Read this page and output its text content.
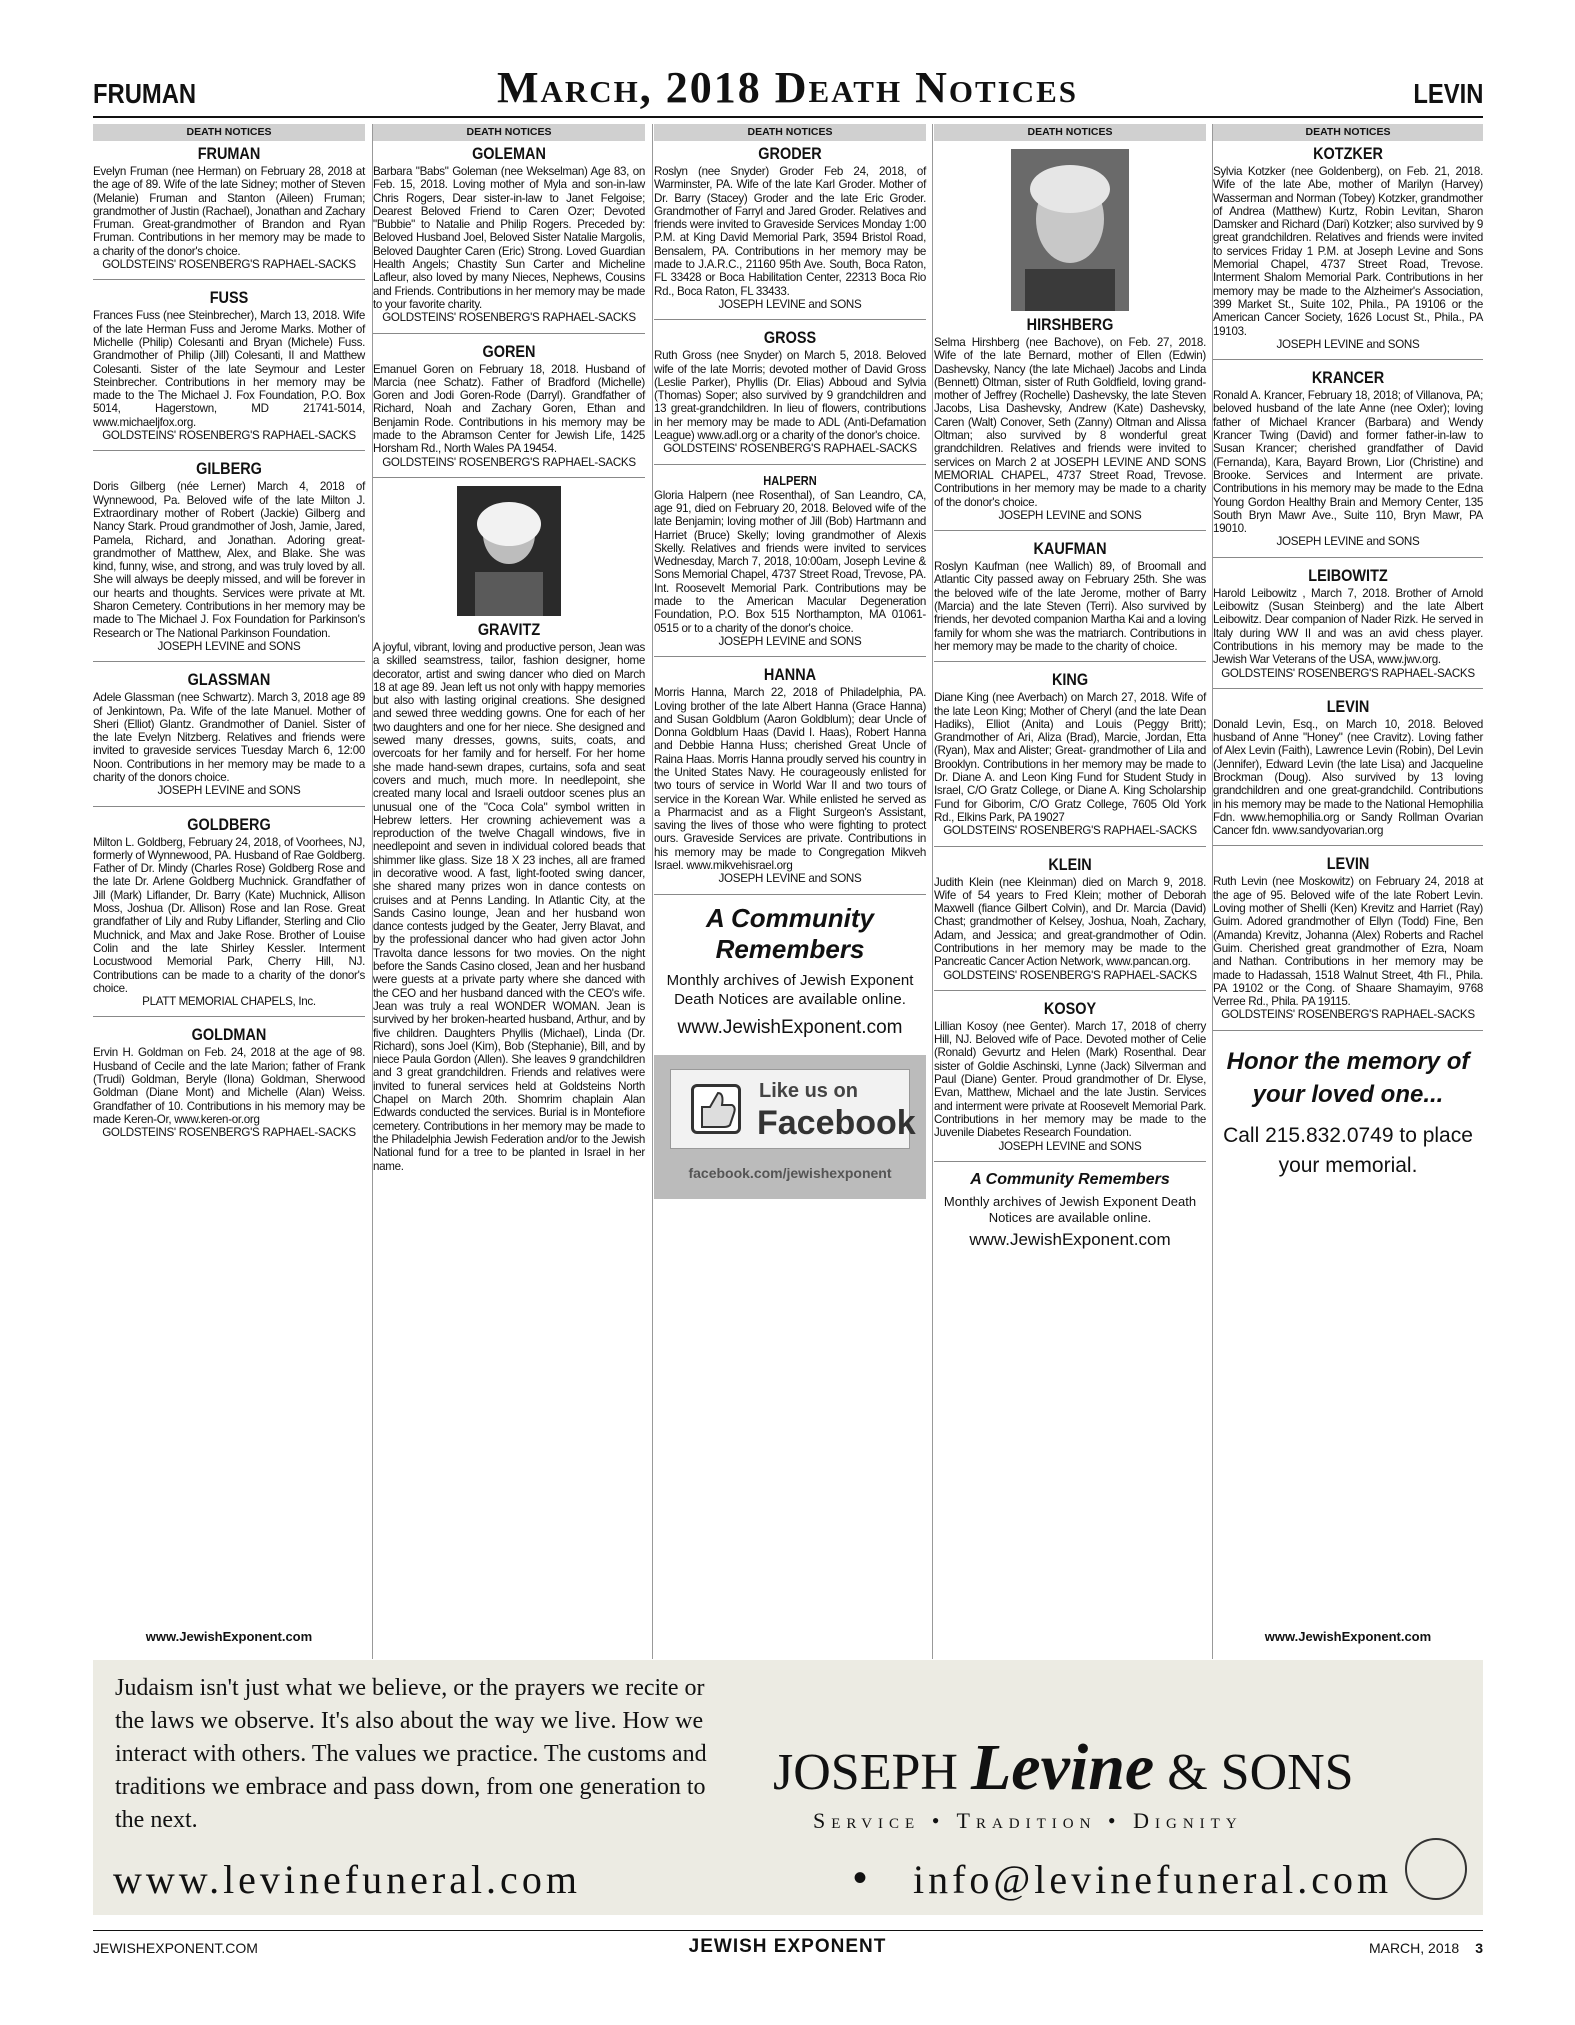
FRUMAN	March, 2018 Death Notices	LEVIN
DEATH NOTICES
FRUMAN
Evelyn Fruman (nee Herman) on February 28, 2018 at the age of 89. Wife of the late Sidney; mother of Steven (Melanie) Fruman and Stanton (Aileen) Fruman; grandmother of Justin (Rachael), Jonathan and Zachary Fruman. Great-grandmother of Brandon and Ryan Fruman. Contributions in her memory may be made to a charity of the donor's choice.
GOLDSTEINS' ROSENBERG'S RAPHAEL-SACKS
FUSS
Frances Fuss (nee Steinbrecher), March 13, 2018. Wife of the late Herman Fuss and Jerome Marks. Mother of Michelle (Philip) Colesanti and Bryan (Michele) Fuss. Grandmother of Philip (Jill) Colesanti, II and Matthew Colesanti. Sister of the late Seymour and Lester Steinbrecher. Contributions in her memory may be made to the The Michael J. Fox Foundation, P.O. Box 5014, Hagerstown, MD 21741-5014, www.michaeljfox.org.
GOLDSTEINS' ROSENBERG'S RAPHAEL-SACKS
GILBERG
Doris Gilberg (née Lerner) March 4, 2018 of Wynnewood, Pa. Beloved wife of the late Milton J. Extraordinary mother of Robert (Jackie) Gilberg and Nancy Stark. Proud grandmother of Josh, Jamie, Jared, Pamela, Richard, and Jonathan. Adoring great-grandmother of Matthew, Alex, and Blake. She was kind, funny, wise, and strong, and was truly loved by all. She will always be deeply missed, and will be forever in our hearts and thoughts. Services were private at Mt. Sharon Cemetery. Contributions in her memory may be made to The Michael J. Fox Foundation for Parkinson's Research or The National Parkinson Foundation.
JOSEPH LEVINE and SONS
GLASSMAN
Adele Glassman (nee Schwartz). March 3, 2018 age 89 of Jenkintown, Pa. Wife of the late Manuel. Mother of Sheri (Elliot) Glantz. Grandmother of Daniel. Sister of the late Evelyn Nitzberg. Relatives and friends were invited to graveside services Tuesday March 6, 12:00 Noon. Contributions in her memory may be made to a charity of the donors choice.
JOSEPH LEVINE and SONS
GOLDBERG
Milton L. Goldberg, February 24, 2018, of Voorhees, NJ, formerly of Wynnewood, PA. Husband of Rae Goldberg. Father of Dr. Mindy (Charles Rose) Goldberg Rose and the late Dr. Arlene Goldberg Muchnick. Grandfather of Jill (Mark) Liflander, Dr. Barry (Kate) Muchnick, Allison Moss, Joshua (Dr. Allison) Rose and Ian Rose. Great grandfather of Lily and Ruby Liflander, Sterling and Clio Muchnick, and Max and Jake Rose. Brother of Louise Colin and the late Shirley Kessler. Interment Locustwood Memorial Park, Cherry Hill, NJ. Contributions can be made to a charity of the donor's choice.
PLATT MEMORIAL CHAPELS, Inc.
GOLDMAN
Ervin H. Goldman on Feb. 24, 2018 at the age of 98. Husband of Cecile and the late Marion; father of Frank (Trudi) Goldman, Beryle (Ilona) Goldman, Sherwood Goldman (Diane Mont) and Michelle (Alan) Weiss. Grandfather of 10. Contributions in his memory may be made Keren-Or, www.keren-or.org
GOLDSTEINS' ROSENBERG'S RAPHAEL-SACKS
www.JewishExponent.com
DEATH NOTICES
GOLEMAN
Barbara "Babs" Goleman (nee Wekselman) Age 83, on Feb. 15, 2018. Loving mother of Myla and son-in-law Chris Rogers, Dear sister-in-law to Janet Felgoise; Dearest Beloved Friend to Caren Ozer; Devoted "Bubbie" to Natalie and Philip Rogers. Preceded by: Beloved Husband Joel, Beloved Sister Natalie Margolis, Beloved Daughter Caren (Eric) Strong. Loved Guardian Health Angels; Chastity Sun Carter and Micheline Lafleur, also loved by many Nieces, Nephews, Cousins and Friends. Contributions in her memory may be made to your favorite charity.
GOLDSTEINS' ROSENBERG'S RAPHAEL-SACKS
GOREN
Emanuel Goren on February 18, 2018. Husband of Marcia (nee Schatz). Father of Bradford (Michelle) Goren and Jodi Goren-Rode (Darryl). Grandfather of Richard, Noah and Zachary Goren, Ethan and Benjamin Rode. Contributions in his memory may be made to the Abramson Center for Jewish Life, 1425 Horsham Rd., North Wales PA 19454.
GOLDSTEINS' ROSENBERG'S RAPHAEL-SACKS
GRAVITZ
A joyful, vibrant, loving and productive person, Jean was a skilled seamstress, tailor, fashion designer, home decorator, artist and swing dancer who died on March 18 at age 89. Jean left us not only with happy memories but also with lasting original creations. She designed and sewed three wedding gowns. One for each of her two daughters and one for her niece. She designed and sewed many dresses, gowns, suits, coats, and overcoats for her family and for herself. For her home she made hand-sewn drapes, curtains, sofa and seat covers and much, much more. In needlepoint, she created many local and Israeli outdoor scenes plus an unusual one of the "Coca Cola" symbol written in Hebrew letters. Her crowning achievement was a reproduction of the twelve Chagall windows, five in needlepoint and seven in individual colored beads that shimmer like glass. Size 18 X 23 inches, all are framed in decorative wood. A fast, light-footed swing dancer, she shared many prizes won in dance contests on cruises and at Penns Landing. In Atlantic City, at the Sands Casino lounge, Jean and her husband won dance contests judged by the Geater, Jerry Blavat, and by the professional dancer who had given actor John Travolta dance lessons for two movies. On the night before the Sands Casino closed, Jean and her husband were guests at a private party where she danced with the CEO and her husband danced with the CEO's wife. Jean was truly a real WONDER WOMAN. Jean is survived by her broken-hearted husband, Arthur, and by five children. Daughters Phyllis (Michael), Linda (Dr. Richard), sons Joel (Kim), Bob (Stephanie), Bill, and by niece Paula Gordon (Allen). She leaves 9 grandchildren and 3 great grandchildren. Friends and relatives were invited to funeral services held at Goldsteins North Chapel on March 20th. Shomrim chaplain Alan Edwards conducted the services. Burial is in Montefiore cemetery. Contributions in her memory may be made to the Philadelphia Jewish Federation and/or to the Jewish National fund for a tree to be planted in Israel in her name.
DEATH NOTICES
GRODER
Roslyn (nee Snyder) Groder Feb 24, 2018, of Warminster, PA. Wife of the late Karl Groder. Mother of Dr. Barry (Stacey) Groder and the late Eric Groder. Grandmother of Farryl and Jared Groder. Relatives and friends were invited to Graveside Services Monday 1:00 P.M. at King David Memorial Park, 3594 Bristol Road, Bensalem, PA. Contributions in her memory may be made to J.A.R.C., 21160 95th Ave. South, Boca Raton, FL 33428 or Boca Habilitation Center, 22313 Boca Rio Rd., Boca Raton, FL 33433.
JOSEPH LEVINE and SONS
GROSS
Ruth Gross (nee Snyder) on March 5, 2018. Beloved wife of the late Morris; devoted mother of David Gross (Leslie Parker), Phyllis (Dr. Elias) Abboud and Sylvia (Thomas) Soper; also survived by 9 grandchildren and 13 great-grandchildren. In lieu of flowers, contributions in her memory may be made to ADL (Anti-Defamation League) www.adl.org or a charity of the donor's choice.
GOLDSTEINS' ROSENBERG'S RAPHAEL-SACKS
HALPERN
Gloria Halpern (nee Rosenthal), of San Leandro, CA, age 91, died on February 20, 2018. Beloved wife of the late Benjamin; loving mother of Jill (Bob) Hartmann and Harriet (Bruce) Skelly; loving grandmother of Alexis Skelly. Relatives and friends were invited to services Wednesday, March 7, 2018, 10:00am, Joseph Levine & Sons Memorial Chapel, 4737 Street Road, Trevose, PA. Int. Roosevelt Memorial Park. Contributions may be made to the American Macular Degeneration Foundation, P.O. Box 515 Northampton, MA 01061-0515 or to a charity of the donor's choice.
JOSEPH LEVINE and SONS
HANNA
Morris Hanna, March 22, 2018 of Philadelphia, PA. Loving brother of the late Albert Hanna (Grace Hanna) and Susan Goldblum (Aaron Goldblum); dear Uncle of Donna Goldblum Haas (David I. Haas), Robert Hanna and Debbie Hanna Huss; cherished Great Uncle of Raina Haas. Morris Hanna proudly served his country in the United States Navy. He courageously enlisted for two tours of service in World War II and two tours of service in the Korean War. While enlisted he served as a Pharmacist and as a Flight Surgeon's Assistant, saving the lives of those who were fighting to protect ours. Graveside Services are private. Contributions in his memory may be made to Congregation Mikveh Israel. www.mikvehisrael.org
JOSEPH LEVINE and SONS
A Community Remembers
Monthly archives of Jewish Exponent Death Notices are available online.
www.JewishExponent.com
Like us on
Facebook
facebook.com/jewishexponent
DEATH NOTICES
HIRSHBERG
Selma Hirshberg (nee Bachove), on Feb. 27, 2018. Wife of the late Bernard, mother of Ellen (Edwin) Dashevsky, Nancy (the late Michael) Jacobs and Linda (Bennett) Oltman, sister of Ruth Goldfield, loving grand-mother of Jeffrey (Rochelle) Dashevsky, the late Steven Jacobs, Lisa Dashevsky, Andrew (Kate) Dashevsky, Caren (Walt) Conover, Seth (Zanny) Oltman and Alissa Oltman; also survived by 8 wonderful great grandchildren. Relatives and friends were invited to services on March 2 at JOSEPH LEVINE AND SONS MEMORIAL CHAPEL, 4737 Street Road, Trevose. Contributions in her memory may be made to a charity of the donor's choice.
JOSEPH LEVINE and SONS
KAUFMAN
Roslyn Kaufman (nee Wallich) 89, of Broomall and Atlantic City passed away on February 25th. She was the beloved wife of the late Jerome, mother of Barry (Marcia) and the late Steven (Terri). Also survived by friends, her devoted companion Martha Kai and a loving family for whom she was the matriarch. Contributions in her memory may be made to the charity of choice.
KING
Diane King (nee Averbach) on March 27, 2018. Wife of the late Leon King; Mother of Cheryl (and the late Dean Hadiks), Elliot (Anita) and Louis (Peggy Britt); Grandmother of Ari, Aliza (Brad), Marcie, Jordan, Etta (Ryan), Max and Alister; Great- grandmother of Lila and Brooklyn. Contributions in her memory may be made to Dr. Diane A. and Leon King Fund for Student Study in Israel, C/O Gratz College, or Diane A. King Scholarship Fund for Giborim, C/O Gratz College, 7605 Old York Rd., Elkins Park, PA 19027
GOLDSTEINS' ROSENBERG'S RAPHAEL-SACKS
KLEIN
Judith Klein (nee Kleinman) died on March 9, 2018. Wife of 54 years to Fred Klein; mother of Deborah Maxwell (fiance Gilbert Colvin), and Dr. Marcia (David) Chast; grandmother of Kelsey, Joshua, Noah, Zachary, Adam, and Jessica; and great-grandmother of Odin. Contributions in her memory may be made to the Pancreatic Cancer Action Network, www.pancan.org.
GOLDSTEINS' ROSENBERG'S RAPHAEL-SACKS
KOSOY
Lillian Kosoy (nee Genter). March 17, 2018 of cherry Hill, NJ. Beloved wife of Pace. Devoted mother of Celie (Ronald) Gevurtz and Helen (Mark) Rosenthal. Dear sister of Goldie Aschinski, Lynne (Jack) Silverman and Paul (Diane) Genter. Proud grandmother of Dr. Elyse, Evan, Matthew, Michael and the late Justin. Services and interment were private at Roosevelt Memorial Park. Contributions in her memory may be made to the Juvenile Diabetes Research Foundation.
JOSEPH LEVINE and SONS
A Community Remembers
Monthly archives of Jewish Exponent Death Notices are available online.
www.JewishExponent.com
DEATH NOTICES
KOTZKER
Sylvia Kotzker (nee Goldenberg), on Feb. 21, 2018. Wife of the late Abe, mother of Marilyn (Harvey) Wasserman and Norman (Tobey) Kotzker, grandmother of Andrea (Matthew) Kurtz, Robin Levitan, Sharon Damsker and Richard (Dari) Kotzker; also survived by 9 great grandchildren. Relatives and friends were invited to services Friday 1 P.M. at Joseph Levine and Sons Memorial Chapel, 4737 Street Road, Trevose. Interment Shalom Memorial Park. Contributions in her memory may be made to the Alzheimer's Association, 399 Market St., Suite 102, Phila., PA 19106 or the American Cancer Society, 1626 Locust St., Phila., PA 19103.
JOSEPH LEVINE and SONS
KRANCER
Ronald A. Krancer, February 18, 2018; of Villanova, PA; beloved husband of the late Anne (nee Oxler); loving father of Michael Krancer (Barbara) and Wendy Krancer Twing (David) and former father-in-law to Susan Krancer; cherished grandfather of David (Fernanda), Kara, Bayard Brown, Lior (Christine) and Brooke. Services and Interment are private. Contributions in his memory may be made to the Edna Young Gordon Healthy Brain and Memory Center, 135 South Bryn Mawr Ave., Suite 110, Bryn Mawr, PA 19010.
JOSEPH LEVINE and SONS
LEIBOWITZ
Harold Leibowitz , March 7, 2018. Brother of Arnold Leibowitz (Susan Steinberg) and the late Albert Leibowitz. Dear companion of Nader Rizk. He served in Italy during WW II and was an avid chess player. Contributions in his memory may be made to the Jewish War Veterans of the USA, www.jwv.org.
GOLDSTEINS' ROSENBERG'S RAPHAEL-SACKS
LEVIN
Donald Levin, Esq., on March 10, 2018. Beloved husband of Anne "Honey" (nee Cravitz). Loving father of Alex Levin (Faith), Lawrence Levin (Robin), Del Levin (Jennifer), Edward Levin (the late Lisa) and Jacqueline Brockman (Doug). Also survived by 13 loving grandchildren and one great-grandchild. Contributions in his memory may be made to the National Hemophilia Fdn. www.hemophilia.org or Sandy Rollman Ovarian Cancer fdn. www.sandyovarian.org
LEVIN
Ruth Levin (nee Moskowitz) on February 24, 2018 at the age of 95. Beloved wife of the late Robert Levin. Loving mother of Shelli (Ken) Krevitz and Harriet (Ray) Guim. Adored grandmother of Ellyn (Todd) Fine, Ben (Amanda) Krevitz, Johanna (Alex) Roberts and Rachel Guim. Cherished great grandmother of Ezra, Noam and Nathan. Contributions in her memory may be made to Hadassah, 1518 Walnut Street, 4th Fl., Phila. PA 19102 or the Cong. of Shaare Shamayim, 9768 Verree Rd., Phila. PA 19115.
GOLDSTEINS' ROSENBERG'S RAPHAEL-SACKS
Honor the memory of your loved one...
Call 215.832.0749 to place your memorial.
www.JewishExponent.com
Judaism isn't just what we believe, or the prayers we recite or the laws we observe. It's also about the way we live. How we interact with others. The values we practice. The customs and traditions we embrace and pass down, from one generation to the next.
JOSEPH Levine & SONS
Service • Tradition • Dignity
www.levinefuneral.com	• info@levinefuneral.com
JEWISHEXPONENT.COM	JEWISH EXPONENT	MARCH, 2018 3
